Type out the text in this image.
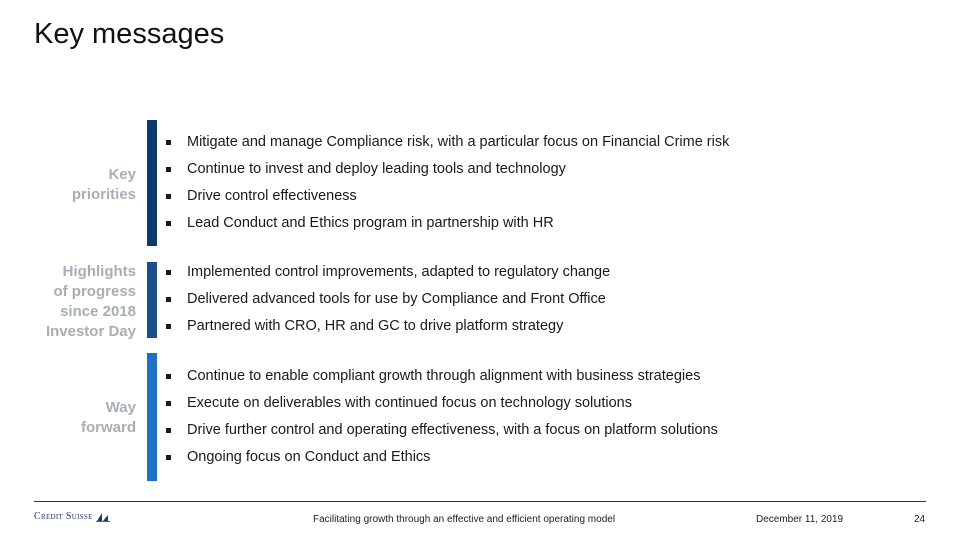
Key messages
Key
priorities
Mitigate and manage Compliance risk, with a particular focus on Financial Crime risk
Continue to invest and deploy leading tools and technology
Drive control effectiveness
Lead Conduct and Ethics program in partnership with HR
Highlights
of progress
since 2018
Investor Day
Implemented control improvements, adapted to regulatory change
Delivered advanced tools for use by Compliance and Front Office
Partnered with CRO, HR and GC to drive platform strategy
Way
forward
Continue to enable compliant growth through alignment with business strategies
Execute on deliverables with continued focus on technology solutions
Drive further control and operating effectiveness, with a focus on platform solutions
Ongoing focus on Conduct and Ethics
Credit Suisse	Facilitating growth through an effective and efficient operating model	December 11, 2019	24
